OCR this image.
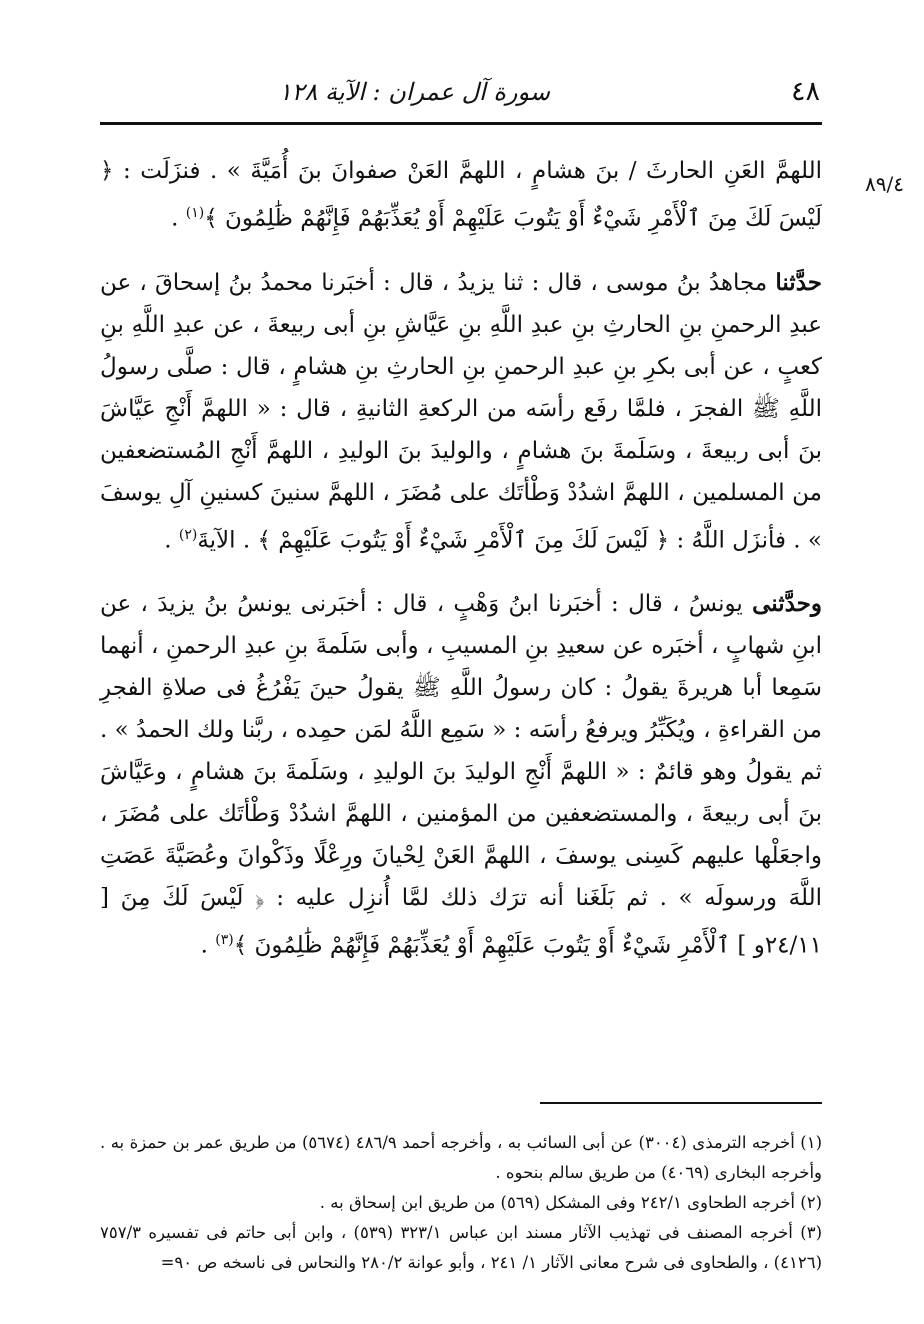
٤٨
سورة آل عمران : الآية ١٢٨
٨٩/٤

اللهمَّ العَنِ الحارثَ / بنَ هشامٍ ، اللهمَّ العَنْ صفوانَ بنَ أُمَيَّةَ » . فنزَلَت : ﴿ لَيْسَ لَكَ مِنَ ٱلْأَمْرِ شَيْءٌ أَوْ يَتُوبَ عَلَيْهِمْ أَوْ يُعَذِّبَهُمْ فَإِنَّهُمْ ظَٰلِمُونَ ﴾$^{(١)}$ .

حدَّثنا مجاهدُ بنُ موسى ، قال : ثنا يزيدُ ، قال : أخبَرنا محمدُ بنُ إسحاقَ ، عن عبدِ الرحمنِ بنِ الحارثِ بنِ عبدِ اللَّهِ بنِ عَيَّاشِ بنِ أبى ربيعةَ ، عن عبدِ اللَّهِ بنِ كعبٍ ، عن أبى بكرِ بنِ عبدِ الرحمنِ بنِ الحارثِ بنِ هشامٍ ، قال : صلَّى رسولُ اللَّهِ ﷺ الفجرَ ، فلمَّا رفَع رأسَه من الركعةِ الثانيةِ ، قال : « اللهمَّ أَنْجِ عَيَّاشَ بنَ أبى ربيعةَ ، وسَلَمةَ بنَ هشامٍ ، والوليدَ بنَ الوليدِ ، اللهمَّ أَنْجِ المُستضعفين من المسلمين ، اللهمَّ اشدُدْ وَطْأتَك على مُضَرَ ، اللهمَّ سنينَ كسنينِ آلِ يوسفَ » . فأنزَل اللَّهُ : ﴿ لَيْسَ لَكَ مِنَ ٱلْأَمْرِ شَيْءٌ أَوْ يَتُوبَ عَلَيْهِمْ ﴾ . الآيةَ$^{(٢)}$ .

وحدَّثنى يونسُ ، قال : أخبَرنا ابنُ وَهْبٍ ، قال : أخبَرنى يونسُ بنُ يزيدَ ، عن ابنِ شهابٍ ، أخبَره عن سعيدِ بنِ المسيبِ ، وأبى سَلَمةَ بنِ عبدِ الرحمنِ ، أنهما سَمِعا أبا هريرةَ يقولُ : كان رسولُ اللَّهِ ﷺ يقولُ حينَ يَفْرُغُ فى صلاةِ الفجرِ من القراءةِ ، ويُكَبِّرُ ويرفعُ رأسَه : « سَمِع اللَّهُ لمَن حمِده ، ربَّنا ولك الحمدُ » . ثم يقولُ وهو قائمٌ : « اللهمَّ أَنْجِ الوليدَ بنَ الوليدِ ، وسَلَمةَ بنَ هشامٍ ، وعَيَّاشَ بنَ أبى ربيعةَ ، والمستضعفين من المؤمنين ، اللهمَّ اشدُدْ وَطْأتَك على مُضَرَ ، واجعَلْها عليهم كَسِنى يوسفَ ، اللهمَّ العَنْ لِحْيانَ ورِعْلًا وذَكْوانَ وعُصَيَّةَ عَصَتِ اللَّهَ ورسولَه » . ثم بَلَغَنا أنه ترَك ذلك لمَّا أُنزِل عليه : ﴿ لَيْسَ لَكَ مِنَ [ ٢٤/١١و ] ٱلْأَمْرِ شَيْءٌ أَوْ يَتُوبَ عَلَيْهِمْ أَوْ يُعَذِّبَهُمْ فَإِنَّهُمْ ظَٰلِمُونَ ﴾$^{(٣)}$ .

(١) أخرجه الترمذى (٣٠٠٤) عن أبى السائب به ، وأخرجه أحمد ٤٨٦/٩ (٥٦٧٤) من طريق عمر بن حمزة به . وأخرجه البخارى (٤٠٦٩) من طريق سالم بنحوه .

(٢) أخرجه الطحاوى ٢٤٢/١ وفى المشكل (٥٦٩) من طريق ابن إسحاق به .

(٣) أخرجه المصنف فى تهذيب الآثار مسند ابن عباس ٣٢٣/١ (٥٣٩) ، وابن أبى حاتم فى تفسيره ٧٥٧/٣ (٤١٢٦) ، والطحاوى فى شرح معانى الآثار ١/ ٢٤١ ، وأبو عوانة ٢٨٠/٢ والنحاس فى ناسخه ص ٩٠=
